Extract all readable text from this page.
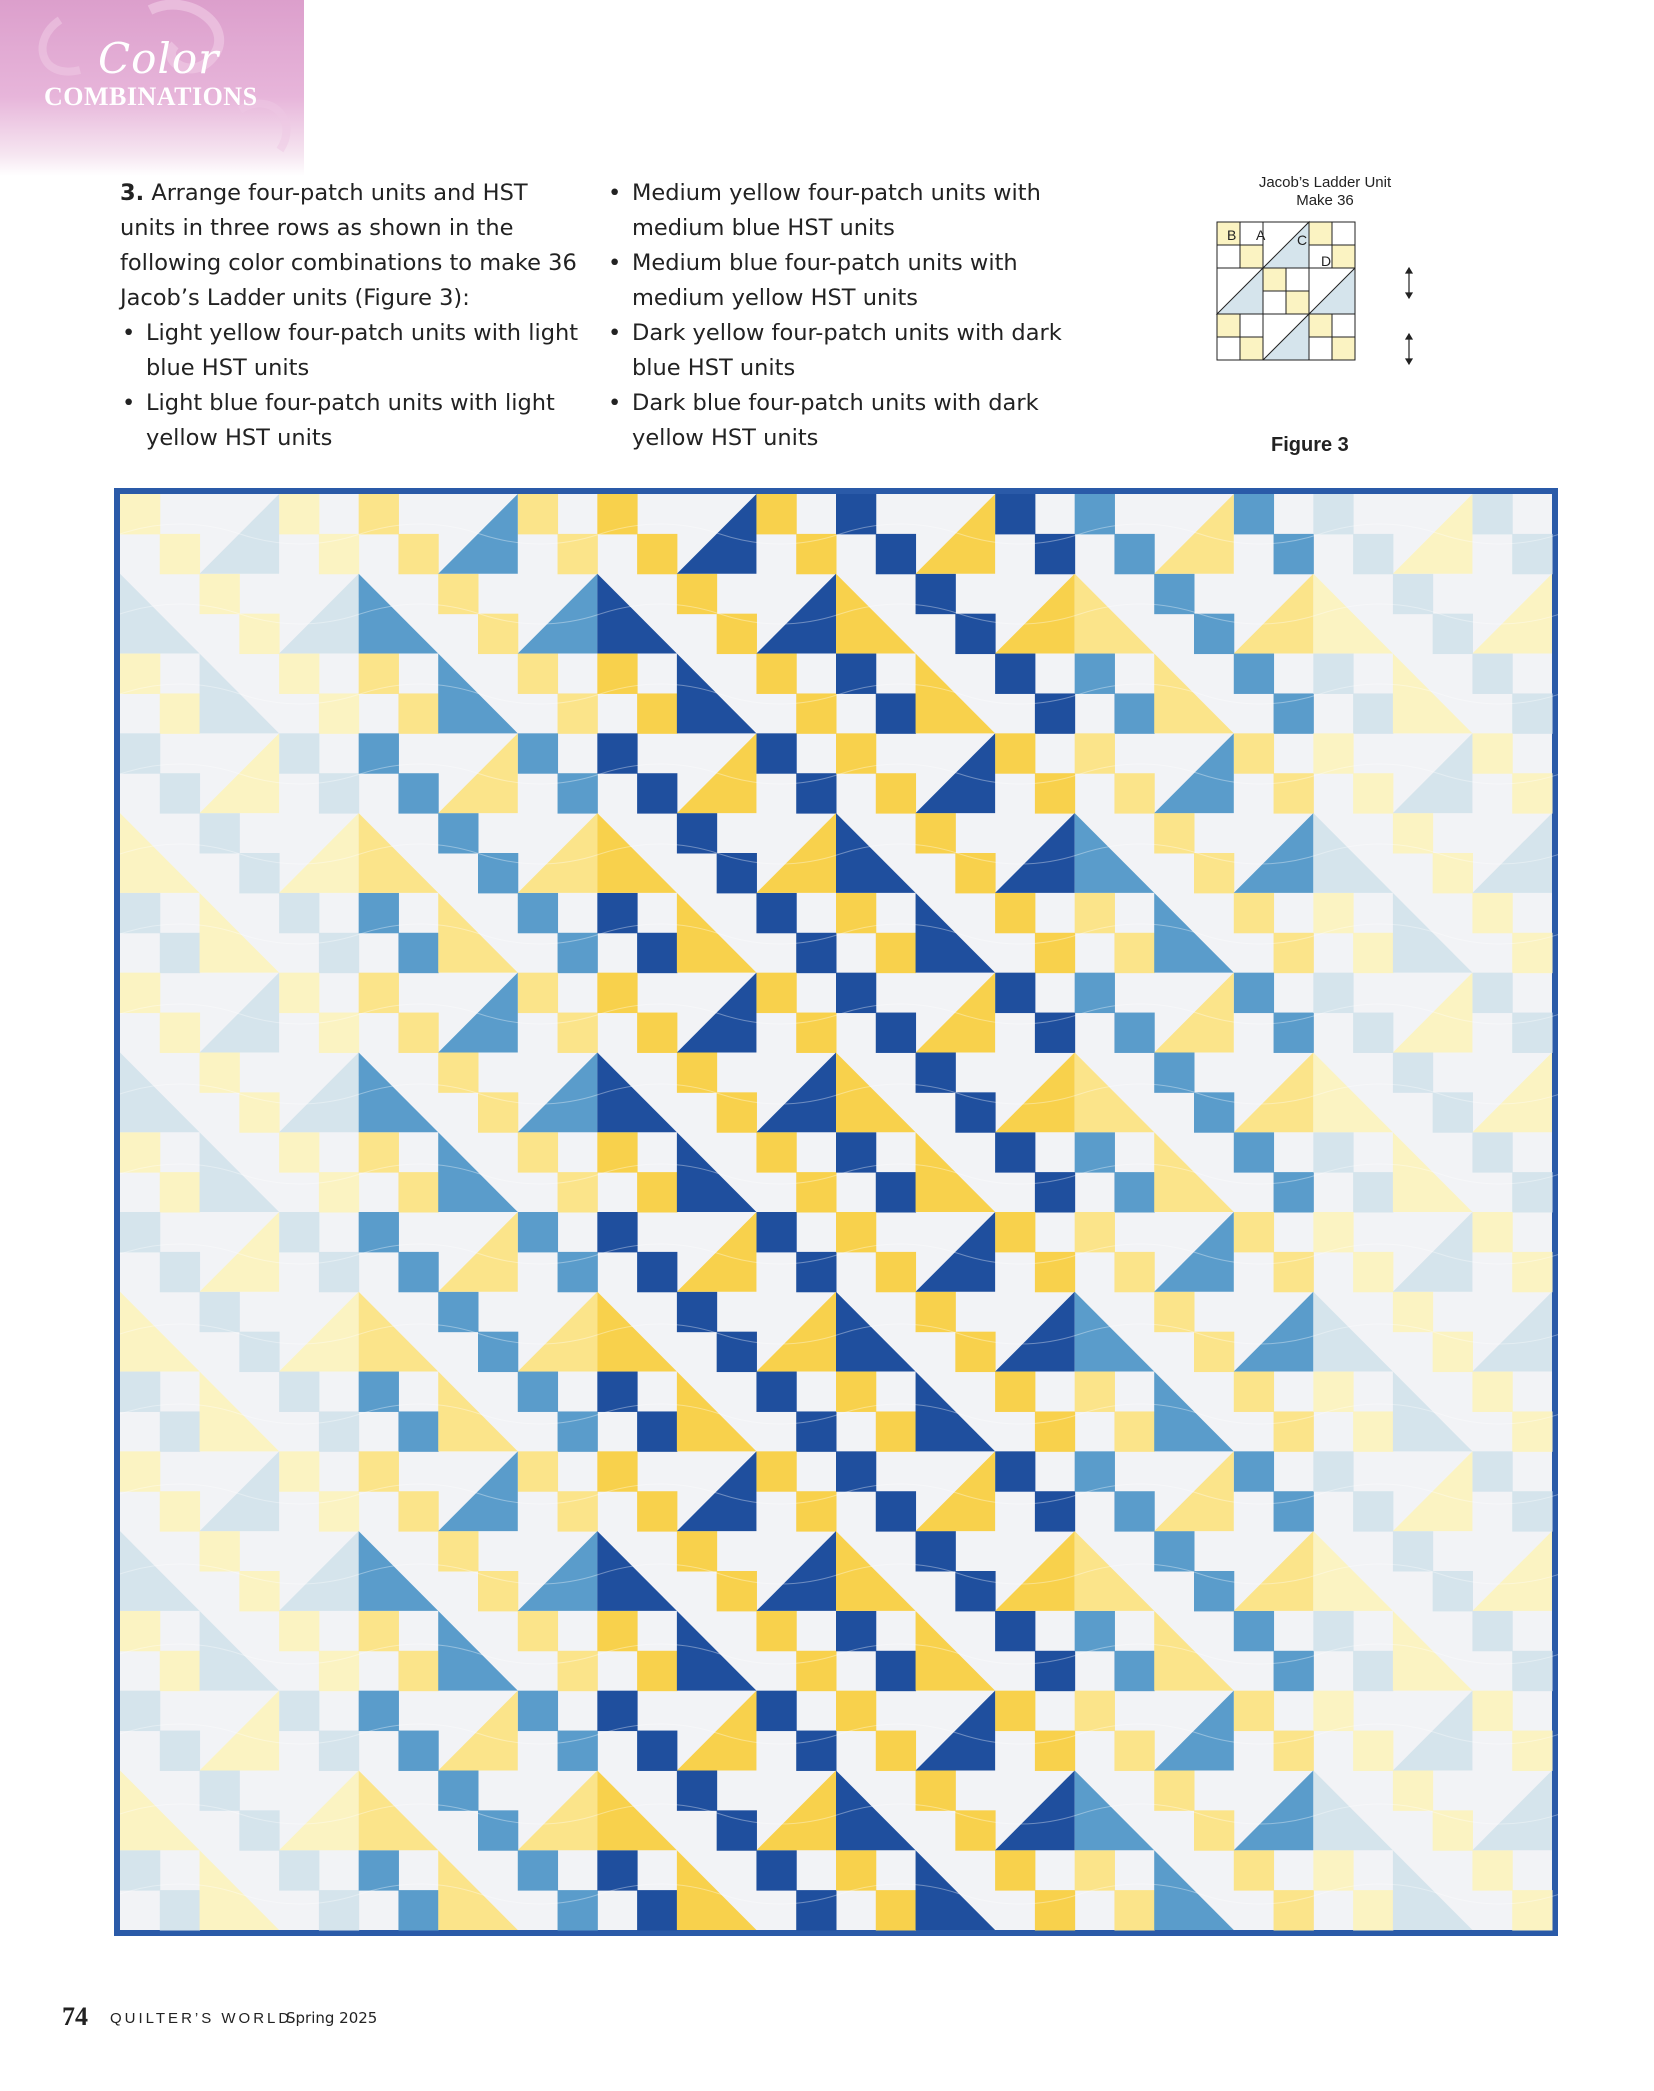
Color
COMBINATIONS
3. Arrange four-patch units and HST units in three rows as shown in the following color combinations to make 36 Jacob’s Ladder units (Figure 3):
• Light yellow four-patch units with light blue HST units
• Light blue four-patch units with light yellow HST units
• Medium yellow four-patch units with medium blue HST units
• Medium blue four-patch units with medium yellow HST units
• Dark yellow four-patch units with dark blue HST units
• Dark blue four-patch units with dark yellow HST units
Jacob’s Ladder Unit
Make 36
B A C
D
Figure 3
74 QUILTER’S WORLD
Spring 2025
